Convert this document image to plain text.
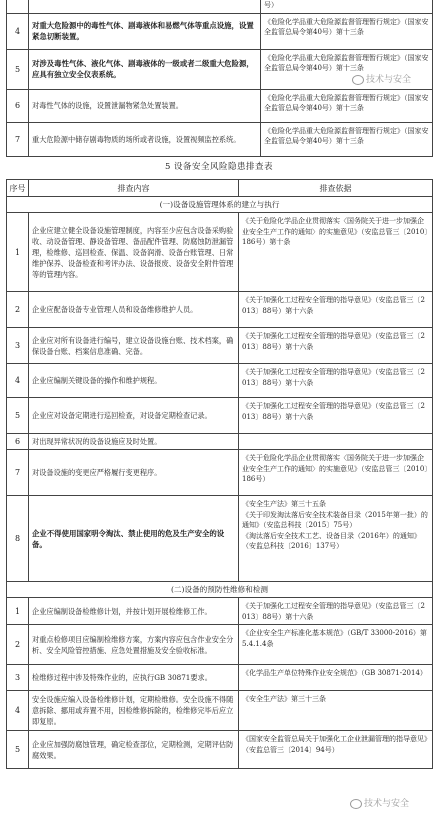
		号）
4	对重大危险源中的毒性气体、剧毒液体和易燃气体等重点设施，设置紧急切断装置。	《危险化学品重大危险源监督管理暂行规定》（国家安全监管总局令第40号）第十三条
5	对涉及毒性气体、液化气体、剧毒液体的一级或者二级重大危险源，应具有独立安全仪表系统。	《危险化学品重大危险源监督管理暂行规定》（国家安全监管总局令第40号）第十三条
6	对毒性气体的设施，设置泄漏物紧急处置装置。	《危险化学品重大危险源监督管理暂行规定》（国家安全监管总局令第40号）第十三条
7	重大危险源中储存剧毒物质的场所或者设施，设置视频监控系统。	《危险化学品重大危险源监督管理暂行规定》（国家安全监管总局令第40号）第十三条
技术与安全
5 设备安全风险隐患排查表
序号	排查内容	排查依据
(一)设备设施管理体系的建立与执行		
1	企业应建立健全设备设施管理制度，内容至少应包含设备采购验收、动设备管理、静设备管理、备品配件管理、防腐蚀防泄漏管理，检维修、巡回检查、保温、设备润滑、设备台账管理、日常维护保养、设备检查和考评办法、设备报废、设备安全附件管理等的管理内容。	《关于危险化学品企业贯彻落实〈国务院关于进一步加强企业安全生产工作的通知〉的实施意见》（安监总管三〔2010〕186号）第十条
2	企业应配备设备专业管理人员和设备维修维护人员。	《关于加强化工过程安全管理的指导意见》（安监总管三〔2013〕88号）第十六条
3	企业应对所有设备进行编号，建立设备设施台账、技术档案，确保设备台账、档案信息准确、完备。	《关于加强化工过程安全管理的指导意见》（安监总管三〔2013〕88号）第十六条
4	企业应编制关键设备的操作和维护规程。	《关于加强化工过程安全管理的指导意见》（安监总管三〔2013〕88号）第十六条
5	企业应对设备定期进行巡回检查，对设备定期检查记录。	《关于加强化工过程安全管理的指导意见》（安监总管三〔2013〕88号）第十六条
6	对出现异常状况的设备设施应及时处置。	
7	对设备设施的变更应严格履行变更程序。	《关于危险化学品企业贯彻落实〈国务院关于进一步加强企业安全生产工作的通知〉的实施意见》（安监总管三〔2010〕186号）
8	企业不得使用国家明令淘汰、禁止使用的危及生产安全的设备。	《安全生产法》第三十五条
《关于印发淘汰落后安全技术装备目录（2015年第一批）的通知》（安监总科技〔2015〕75号）
《淘汰落后安全技术工艺、设备目录（2016年）的通知》（安监总科技〔2016〕137号）
(二)设备的预防性维修和检测		
1	企业应编制设备检维修计划，并按计划开展检维修工作。	《关于加强化工过程安全管理的指导意见》（安监总管三〔2013〕88号）第十六条
2	对重点检修项目应编制检维修方案，方案内容应包含作业安全分析、安全风险管控措施、应急处置措施及安全验收标准。	《企业安全生产标准化基本规范》（GB/T 33000-2016）第5.4.1.4条
3	检维修过程中涉及特殊作业的，应执行GB 30871要求。	《化学品生产单位特殊作业安全规范》（GB 30871-2014）
4	安全设施应编入设备检维修计划，定期检维修。安全设施不得随意拆除、挪用或弃置不用，因检维修拆除的，检维修完毕后应立即复原。	《安全生产法》第三十三条
5	企业应加强防腐蚀管理，确定检查部位，定期检测，定期评估防腐效果。	《国家安全监管总局关于加强化工企业泄漏管理的指导意见》（安监总管三〔2014〕94号）
技术与安全
